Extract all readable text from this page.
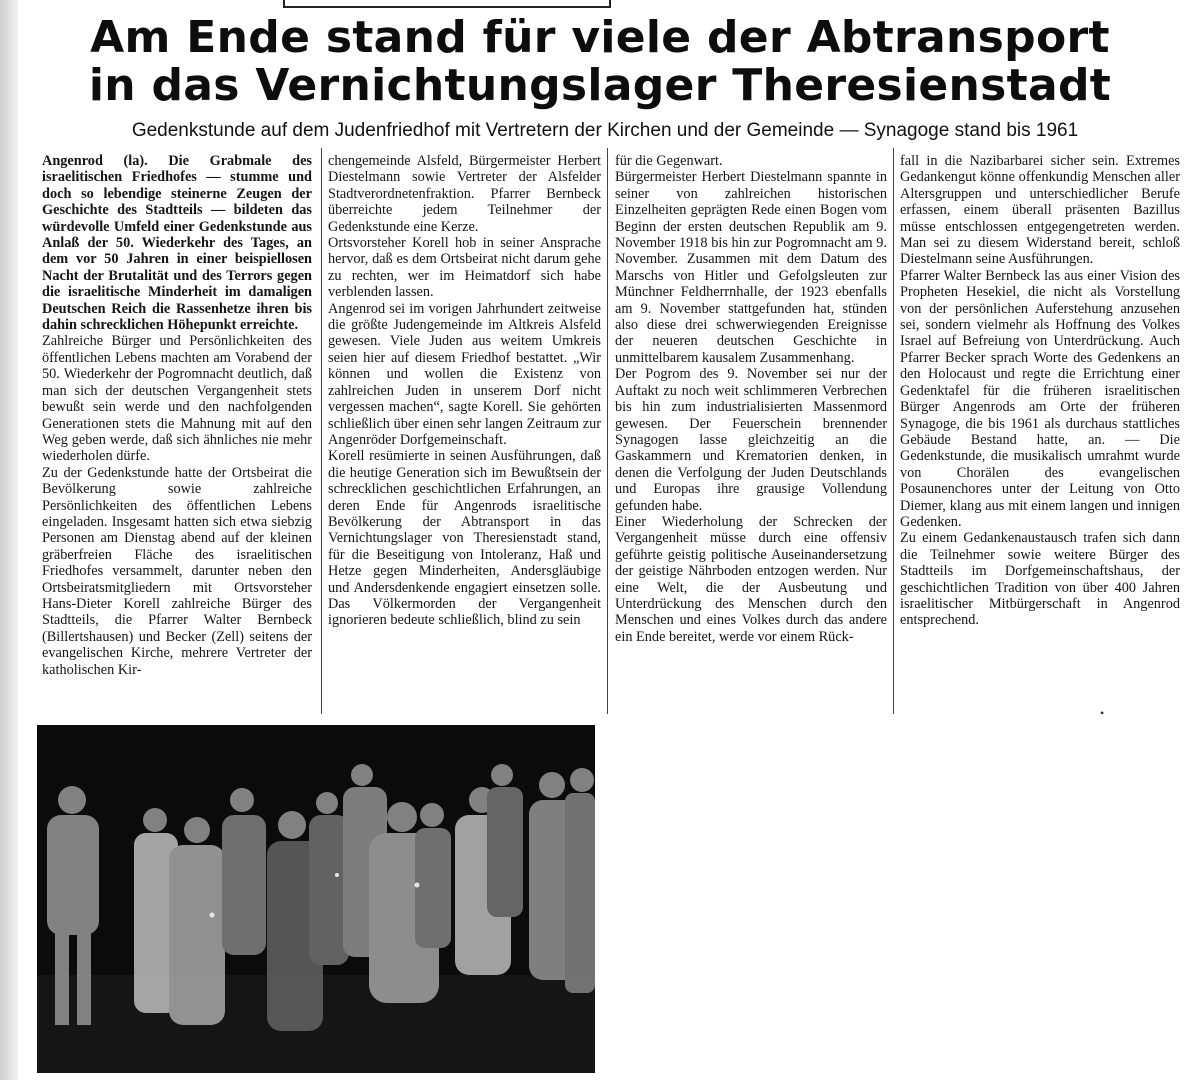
Am Ende stand für viele der Abtransport
in das Vernichtungslager Theresienstadt
Gedenkstunde auf dem Judenfriedhof mit Vertretern der Kirchen und der Gemeinde — Synagoge stand bis 1961

Angenrod (la). Die Grabmale des israelitischen Friedhofes — stumme und doch so lebendige steinerne Zeugen der Geschichte des Stadtteils — bildeten das würdevolle Umfeld einer Gedenkstunde aus Anlaß der 50. Wiederkehr des Tages, an dem vor 50 Jahren in einer beispiellosen Nacht der Brutalität und des Terrors gegen die israelitische Minderheit im damaligen Deutschen Reich die Rassenhetze ihren bis dahin schrecklichen Höhepunkt erreichte.

Zahlreiche Bürger und Persönlichkeiten des öffentlichen Lebens machten am Vorabend der 50. Wiederkehr der Pogromnacht deutlich, daß man sich der deutschen Vergangenheit stets bewußt sein werde und den nachfolgenden Generationen stets die Mahnung mit auf den Weg geben werde, daß sich ähnliches nie mehr wiederholen dürfe.

Zu der Gedenkstunde hatte der Ortsbeirat die Bevölkerung sowie zahlreiche Persönlichkeiten des öffentlichen Lebens eingeladen. Insgesamt hatten sich etwa siebzig Personen am Dienstag abend auf der kleinen gräberfreien Fläche des israelitischen Friedhofes versammelt, darunter neben den Ortsbeiratsmitgliedern mit Ortsvorsteher Hans-Dieter Korell zahlreiche Bürger des Stadtteils, die Pfarrer Walter Bernbeck (Billertshausen) und Becker (Zell) seitens der evangelischen Kirche, mehrere Vertreter der katholischen Kir-

chengemeinde Alsfeld, Bürgermeister Herbert Diestelmann sowie Vertreter der Alsfelder Stadtverordnetenfraktion. Pfarrer Bernbeck überreichte jedem Teilnehmer der Gedenkstunde eine Kerze.

Ortsvorsteher Korell hob in seiner Ansprache hervor, daß es dem Ortsbeirat nicht darum gehe zu rechten, wer im Heimatdorf sich habe verblenden lassen.

Angenrod sei im vorigen Jahrhundert zeitweise die größte Judengemeinde im Altkreis Alsfeld gewesen. Viele Juden aus weitem Umkreis seien hier auf diesem Friedhof bestattet. „Wir können und wollen die Existenz von zahlreichen Juden in unserem Dorf nicht vergessen machen“, sagte Korell. Sie gehörten schließlich über einen sehr langen Zeitraum zur Angenröder Dorfgemeinschaft.

Korell resümierte in seinen Ausführungen, daß die heutige Generation sich im Bewußtsein der schrecklichen geschichtlichen Erfahrungen, an deren Ende für Angenrods israelitische Bevölkerung der Abtransport in das Vernichtungslager von Theresienstadt stand, für die Beseitigung von Intoleranz, Haß und Hetze gegen Minderheiten, Andersgläubige und Andersdenkende engagiert einsetzen solle. Das Völkermorden der Vergangenheit ignorieren bedeute schließlich, blind zu sein

für die Gegenwart.

Bürgermeister Herbert Diestelmann spannte in seiner von zahlreichen historischen Einzelheiten geprägten Rede einen Bogen vom Beginn der ersten deutschen Republik am 9. November 1918 bis hin zur Pogromnacht am 9. November. Zusammen mit dem Datum des Marschs von Hitler und Gefolgsleuten zur Münchner Feldherrnhalle, der 1923 ebenfalls am 9. November stattgefunden hat, stünden also diese drei schwerwiegenden Ereignisse der neueren deutschen Geschichte in unmittelbarem kausalem Zusammenhang.

Der Pogrom des 9. November sei nur der Auftakt zu noch weit schlimmeren Verbrechen bis hin zum industrialisierten Massenmord gewesen. Der Feuerschein brennender Synagogen lasse gleichzeitig an die Gaskammern und Krematorien denken, in denen die Verfolgung der Juden Deutschlands und Europas ihre grausige Vollendung gefunden habe.

Einer Wiederholung der Schrecken der Vergangenheit müsse durch eine offensiv geführte geistig politische Auseinandersetzung der geistige Nährboden entzogen werden. Nur eine Welt, die der Ausbeutung und Unterdrückung des Menschen durch den Menschen und eines Volkes durch das andere ein Ende bereitet, werde vor einem Rück-

fall in die Nazibarbarei sicher sein. Extremes Gedankengut könne offenkundig Menschen aller Altersgruppen und unterschiedlicher Berufe erfassen, einem überall präsenten Bazillus müsse entschlossen entgegengetreten werden. Man sei zu diesem Widerstand bereit, schloß Diestelmann seine Ausführungen.

Pfarrer Walter Bernbeck las aus einer Vision des Propheten Hesekiel, die nicht als Vorstellung von der persönlichen Auferstehung anzusehen sei, sondern vielmehr als Hoffnung des Volkes Israel auf Befreiung von Unterdrückung. Auch Pfarrer Becker sprach Worte des Gedenkens an den Holocaust und regte die Errichtung einer Gedenktafel für die früheren israelitischen Bürger Angenrods am Orte der früheren Synagoge, die bis 1961 als durchaus stattliches Gebäude Bestand hatte, an. — Die Gedenkstunde, die musikalisch umrahmt wurde von Chorälen des evangelischen Posaunenchores unter der Leitung von Otto Diemer, klang aus mit einem langen und innigen Gedenken.

Zu einem Gedankenaustausch trafen sich dann die Teilnehmer sowie weitere Bürger des Stadtteils im Dorfgemeinschaftshaus, der geschichtlichen Tradition von über 400 Jahren israelitischer Mitbürgerschaft in Angenrod entsprechend.

•
